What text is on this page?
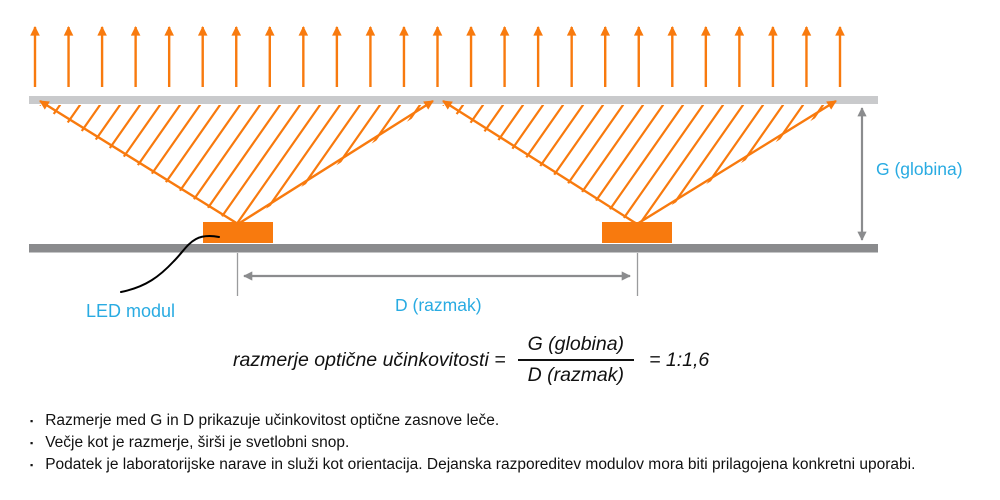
G (globina)
D (razmak)
LED modul
razmerje optične učinkovitosti = $\frac{\text{G (globina)}}{\text{D (razmak)}}$ = 1:1,6
▪ Razmerje med G in D prikazuje učinkovitost optične zasnove leče.
▪ Večje kot je razmerje, širši je svetlobni snop.
▪ Podatek je laboratorijske narave in služi kot orientacija. Dejanska razporeditev modulov mora biti prilagojena konkretni uporabi.
